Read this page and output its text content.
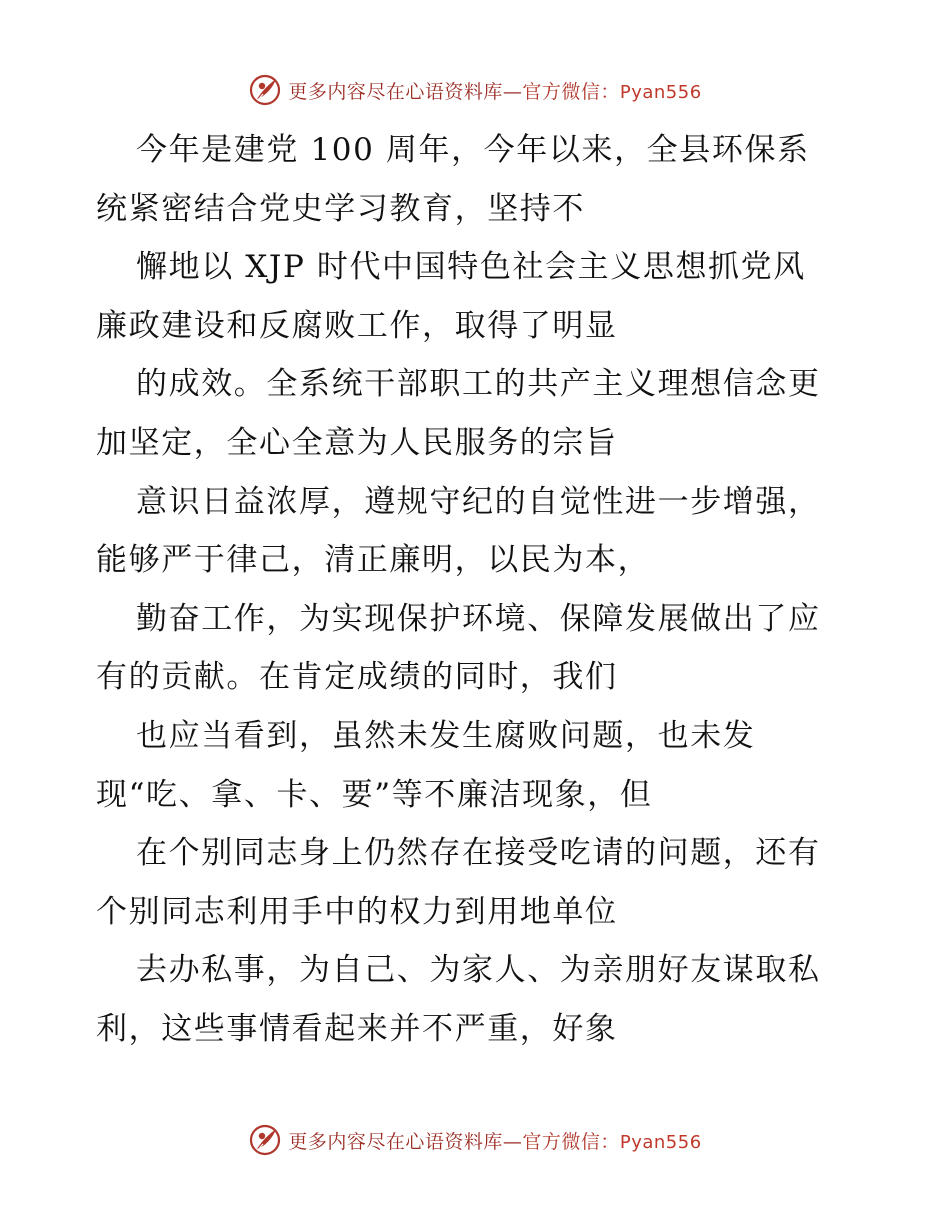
更多内容尽在心语资料库—官方微信：Pyan556
今年是建党 100 周年，今年以来，全县环保系
统紧密结合党史学习教育，坚持不
懈地以 XJP 时代中国特色社会主义思想抓党风
廉政建设和反腐败工作，取得了明显
的成效。全系统干部职工的共产主义理想信念更
加坚定，全心全意为人民服务的宗旨
意识日益浓厚，遵规守纪的自觉性进一步增强，
能够严于律己，清正廉明，以民为本，
勤奋工作，为实现保护环境、保障发展做出了应
有的贡献。在肯定成绩的同时，我们
也应当看到，虽然未发生腐败问题，也未发
现“吃、拿、卡、要”等不廉洁现象，但
在个别同志身上仍然存在接受吃请的问题，还有
个别同志利用手中的权力到用地单位
去办私事，为自己、为家人、为亲朋好友谋取私
利，这些事情看起来并不严重，好象
更多内容尽在心语资料库—官方微信：Pyan556
